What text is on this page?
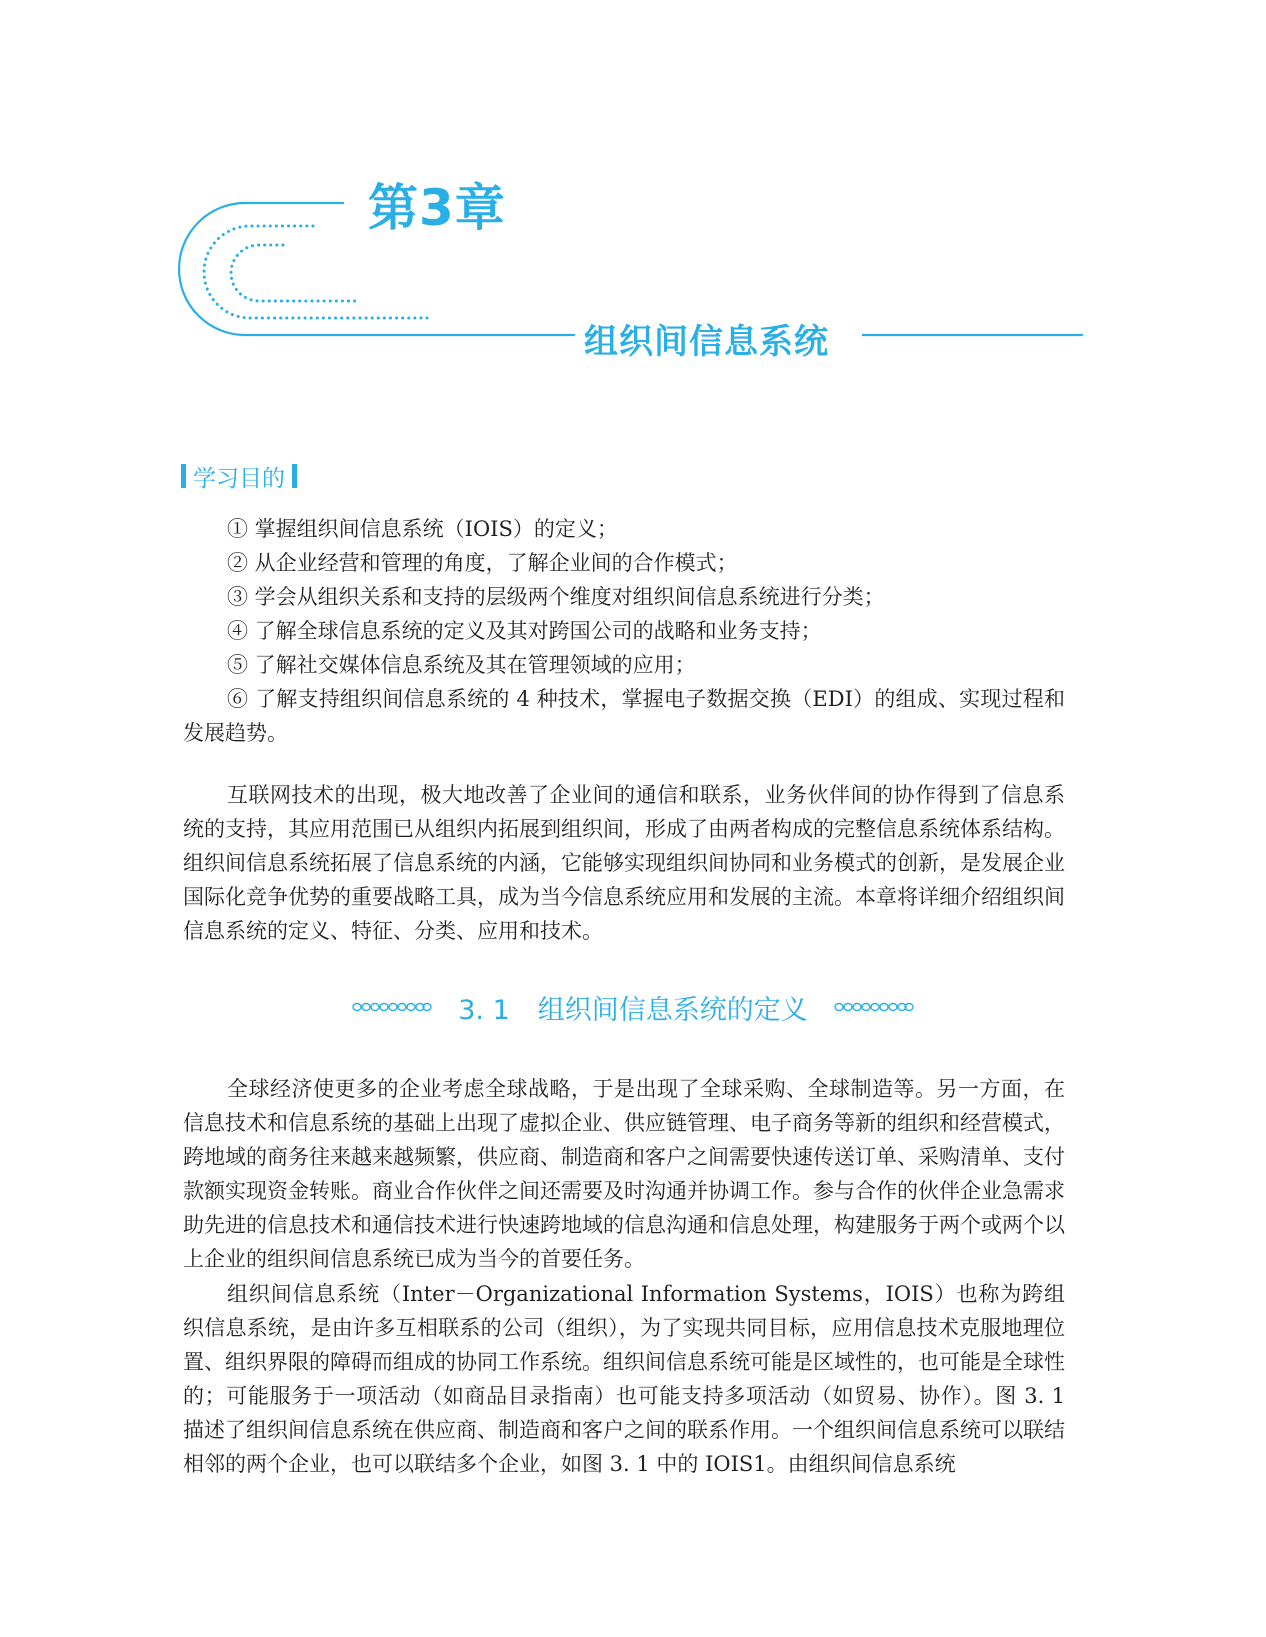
第3章
组织间信息系统
学习目的

① 掌握组织间信息系统（IOIS）的定义；

② 从企业经营和管理的角度，了解企业间的合作模式；

③ 学会从组织关系和支持的层级两个维度对组织间信息系统进行分类；

④ 了解全球信息系统的定义及其对跨国公司的战略和业务支持；

⑤ 了解社交媒体信息系统及其在管理领域的应用；

⑥ 了解支持组织间信息系统的 4 种技术，掌握电子数据交换（EDI）的组成、实现过程和发展趋势。

互联网技术的出现，极大地改善了企业间的通信和联系，业务伙伴间的协作得到了信息系统的支持，其应用范围已从组织内拓展到组织间，形成了由两者构成的完整信息系统体系结构。组织间信息系统拓展了信息系统的内涵，它能够实现组织间协同和业务模式的创新，是发展企业国际化竞争优势的重要战略工具，成为当今信息系统应用和发展的主流。本章将详细介绍组织间信息系统的定义、特征、分类、应用和技术。

3. 1 组织间信息系统的定义

全球经济使更多的企业考虑全球战略，于是出现了全球采购、全球制造等。另一方面，在信息技术和信息系统的基础上出现了虚拟企业、供应链管理、电子商务等新的组织和经营模式，跨地域的商务往来越来越频繁，供应商、制造商和客户之间需要快速传送订单、采购清单、支付款额实现资金转账。商业合作伙伴之间还需要及时沟通并协调工作。参与合作的伙伴企业急需求助先进的信息技术和通信技术进行快速跨地域的信息沟通和信息处理，构建服务于两个或两个以上企业的组织间信息系统已成为当今的首要任务。

组织间信息系统（Inter－Organizational Information Systems，IOIS）也称为跨组织信息系统，是由许多互相联系的公司（组织），为了实现共同目标，应用信息技术克服地理位置、组织界限的障碍而组成的协同工作系统。组织间信息系统可能是区域性的，也可能是全球性的；可能服务于一项活动（如商品目录指南）也可能支持多项活动（如贸易、协作）。图 3. 1 描述了组织间信息系统在供应商、制造商和客户之间的联系作用。一个组织间信息系统可以联结相邻的两个企业，也可以联结多个企业，如图 3. 1 中的 IOIS1。由组织间信息系统
